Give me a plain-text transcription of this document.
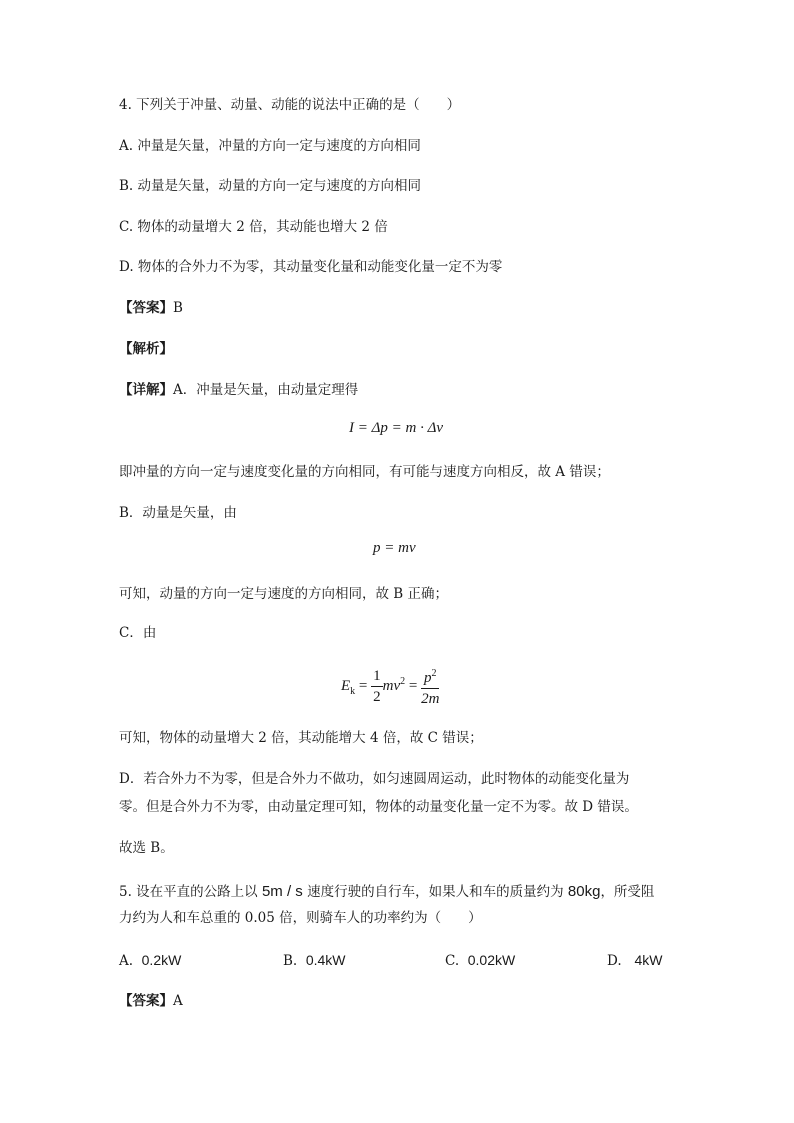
4. 下列关于冲量、动量、动能的说法中正确的是（　　）
A. 冲量是矢量，冲量的方向一定与速度的方向相同
B. 动量是矢量，动量的方向一定与速度的方向相同
C. 物体的动量增大 2 倍，其动能也增大 2 倍
D. 物体的合外力不为零，其动量变化量和动能变化量一定不为零
【答案】B
【解析】
【详解】A．冲量是矢量，由动量定理得
I = Δp = m · Δv
即冲量的方向一定与速度变化量的方向相同，有可能与速度方向相反，故 A 错误；
B．动量是矢量，由
p = mv
可知，动量的方向一定与速度的方向相同，故 B 正确；
C．由
$E_k = \frac{1}{2} mv^2 = \frac{p^2}{2m}$
可知，物体的动量增大 2 倍，其动能增大 4 倍，故 C 错误；
D．若合外力不为零，但是合外力不做功，如匀速圆周运动，此时物体的动能变化量为
零。但是合外力不为零，由动量定理可知，物体的动量变化量一定不为零。故 D 错误。
故选 B。
5. 设在平直的公路上以 5m / s 速度行驶的自行车，如果人和车的质量约为 80kg，所受阻
力约为人和车总重的 0.05 倍，则骑车人的功率约为（　　）
A. 0.2kW	B. 0.4kW	C. 0.02kW	D. 4kW
【答案】A
